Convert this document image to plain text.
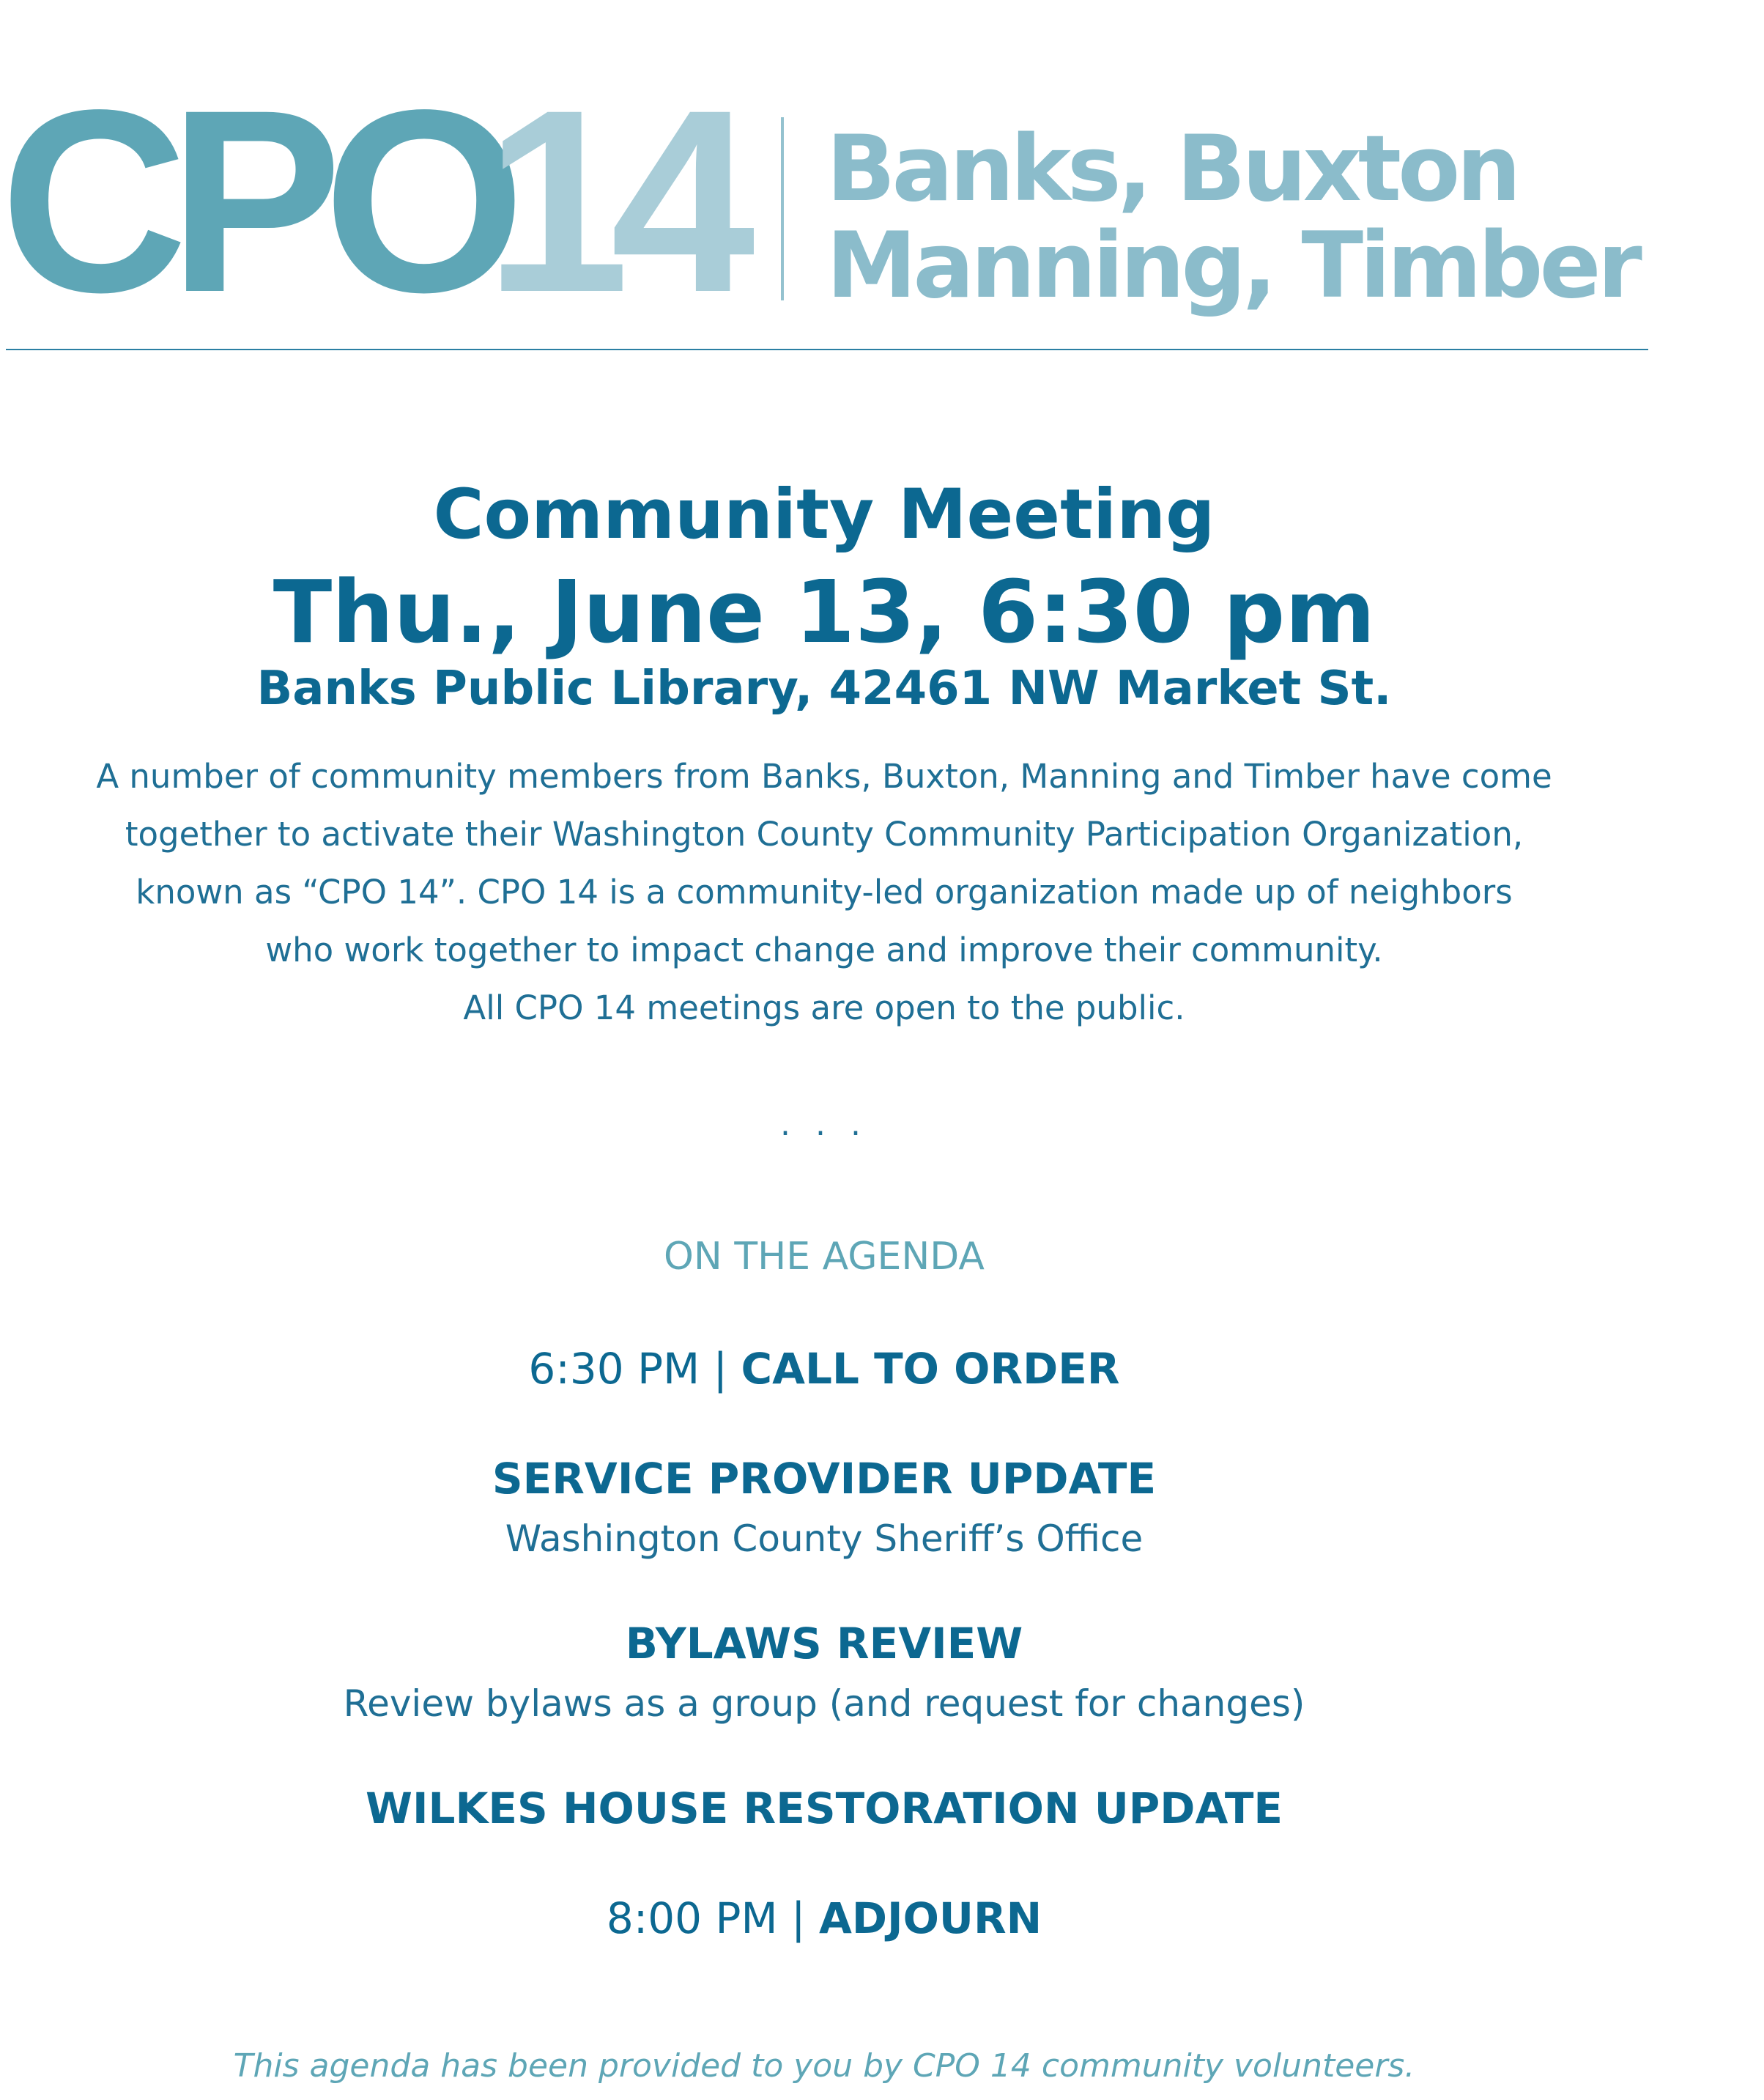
CPO
14 Banks, Buxton
Manning, Timber
Community Meeting
Thu., June 13, 6:30 pm
Banks Public Library, 42461 NW Market St.
A number of community members from Banks, Buxton, Manning and Timber have come
together to activate their Washington County Community Participation Organization,
known as “CPO 14”. CPO 14 is a community-led organization made up of neighbors
who work together to impact change and improve their community.
All CPO 14 meetings are open to the public.
. . .
ON THE AGENDA
6:30 PM | CALL TO ORDER
SERVICE PROVIDER UPDATE
Washington County Sheriff’s Office
BYLAWS REVIEW
Review bylaws as a group (and request for changes)
WILKES HOUSE RESTORATION UPDATE
8:00 PM | ADJOURN
This agenda has been provided to you by CPO 14 community volunteers.
